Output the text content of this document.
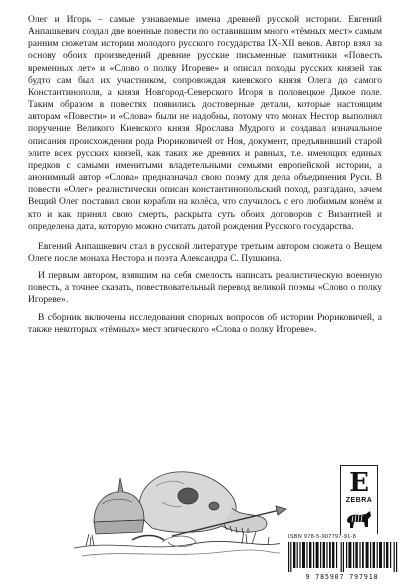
Олег и Игорь – самые узнаваемые имена древней русской истории. Евгений Анпашкевич создал две военные повести по оставившим много «тёмных мест» самым ранним сюжетам истории молодого русского государства IX-XII веков. Автор взял за основу обоих произведений древние русские письменные памятники «Повесть временных лет» и «Слово о полку Игореве» и описал походы русских князей так будто сам был их участником, сопровождая киевского князя Олега до самого Константинополя, а князя Новгород-Северского Игоря в половецкое Дикое поле. Таким образом в повестях появились достоверные детали, которые настоящим авторам «Повести» и «Слова» были не надобны, потому что монах Нестор выполнял поручение Великого Киевского князя Ярослава Мудрого и создавал изначальное описания происхождения рода Рюриковичей от Ноя, документ, предъявивший старой элите всех русских князей, как таких же древних и равных, т.е. имеющих единых предков с самыми именитыми владетельными семьями европейской истории, а анонимный автор «Слова» предназначал свою поэму для дела объединения Руси. В повести «Олег» реалистически описан константинопольский поход, разгадано, зачем Вещий Олег поставил свои корабли на колёса, что случилось с его любимым конём и кто и как принял свою смерть, раскрыта суть обоих договоров с Византией и определена дата, которую можно считать датой рождения Русского государства.

Евгений Анпашкевич стал в русской литературе третьим автором сюжета о Вещем Олеге после монаха Нестора и поэта Александра С. Пушкина.

И первым автором, взявшим на себя смелость написать реалистическую военную повесть, а точнее сказать, повествовательный перевод великой поэмы «Слово о полку Игореве».

В сборник включены исследования спорных вопросов об истории Рюриковичей, а также некоторых «тёмных» мест эпического «Слова о полку Игореве».

E
ZEBRA
ISBN 978-5-907797-91-8
9 785907 797918
